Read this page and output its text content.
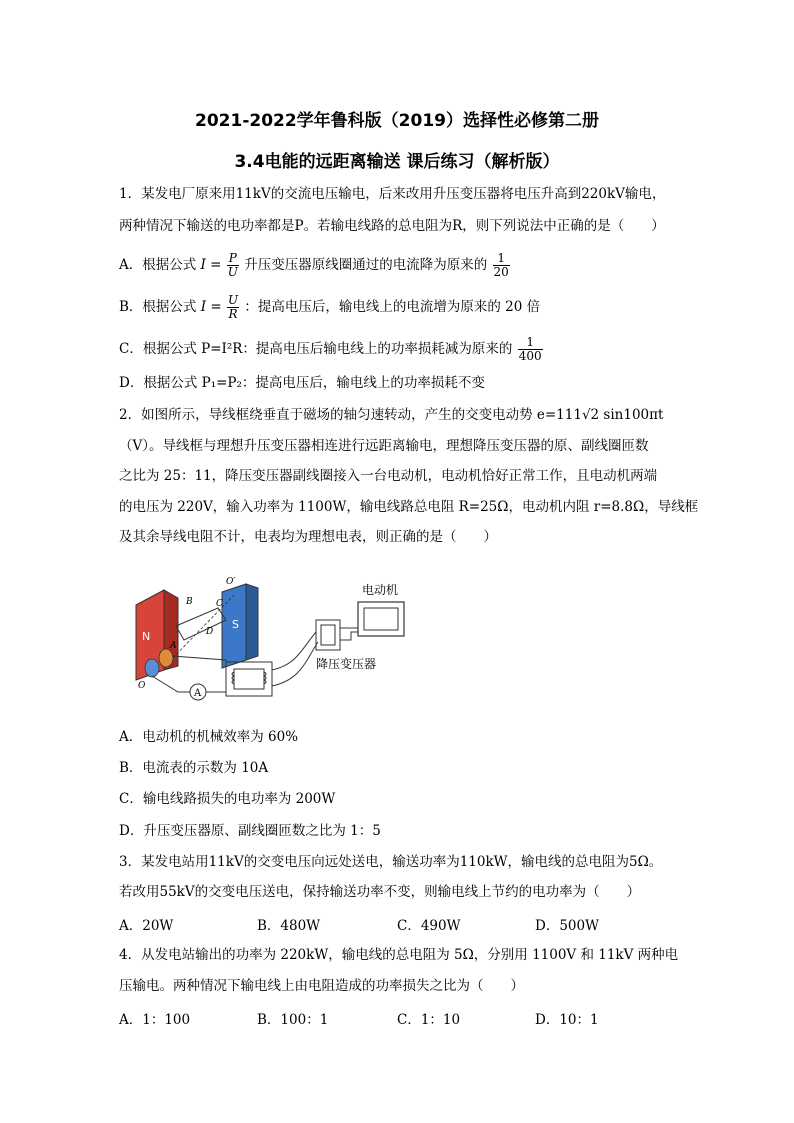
2021-2022学年鲁科版（2019）选择性必修第二册
3.4电能的远距离输送 课后练习（解析版）
1．某发电厂原来用11kV的交流电压输电，后来改用升压变压器将电压升高到220kV输电，
两种情况下输送的电功率都是P。若输电线路的总电阻为R，则下列说法中正确的是（　　）
A．根据公式 $I = \frac{P}{U}$ 升压变压器原线圈通过的电流降为原来的 $\frac{1}{20}$
B．根据公式 $I = \frac{U}{R}$ ：提高电压后，输电线上的电流增为原来的 20 倍
C．根据公式 P=I²R：提高电压后输电线上的功率损耗减为原来的 $\frac{1}{400}$
D．根据公式 P₁=P₂：提高电压后，输电线上的功率损耗不变
2．如图所示，导线框绕垂直于磁场的轴匀速转动，产生的交变电动势 e=111√2 sin100πt
（V）。导线框与理想升压变压器相连进行远距离输电，理想降压变压器的原、副线圈匝数
之比为 25：11，降压变压器副线圈接入一台电动机，电动机恰好正常工作，且电动机两端
的电压为 220V，输入功率为 1100W，输电线路总电阻 R=25Ω，电动机内阻 r=8.8Ω，导线框
及其余导线电阻不计，电表均为理想电表，则正确的是（　　）
N
S
B	C
D
A
O′
O
A
降压变压器
电动机
A．电动机的机械效率为 60%
B．电流表的示数为 10A
C．输电线路损失的电功率为 200W
D．升压变压器原、副线圈匝数之比为 1：5
3．某发电站用11kV的交变电压向远处送电，输送功率为110kW，输电线的总电阻为5Ω。
若改用55kV的交变电压送电，保持输送功率不变，则输电线上节约的电功率为（　　）
A．20W	B．480W	C．490W	D．500W
4．从发电站输出的功率为 220kW，输电线的总电阻为 5Ω，分别用 1100V 和 11kV 两种电
压输电。两种情况下输电线上由电阻造成的功率损失之比为（　　）
A．1：100	B．100：1	C．1：10	D．10：1
